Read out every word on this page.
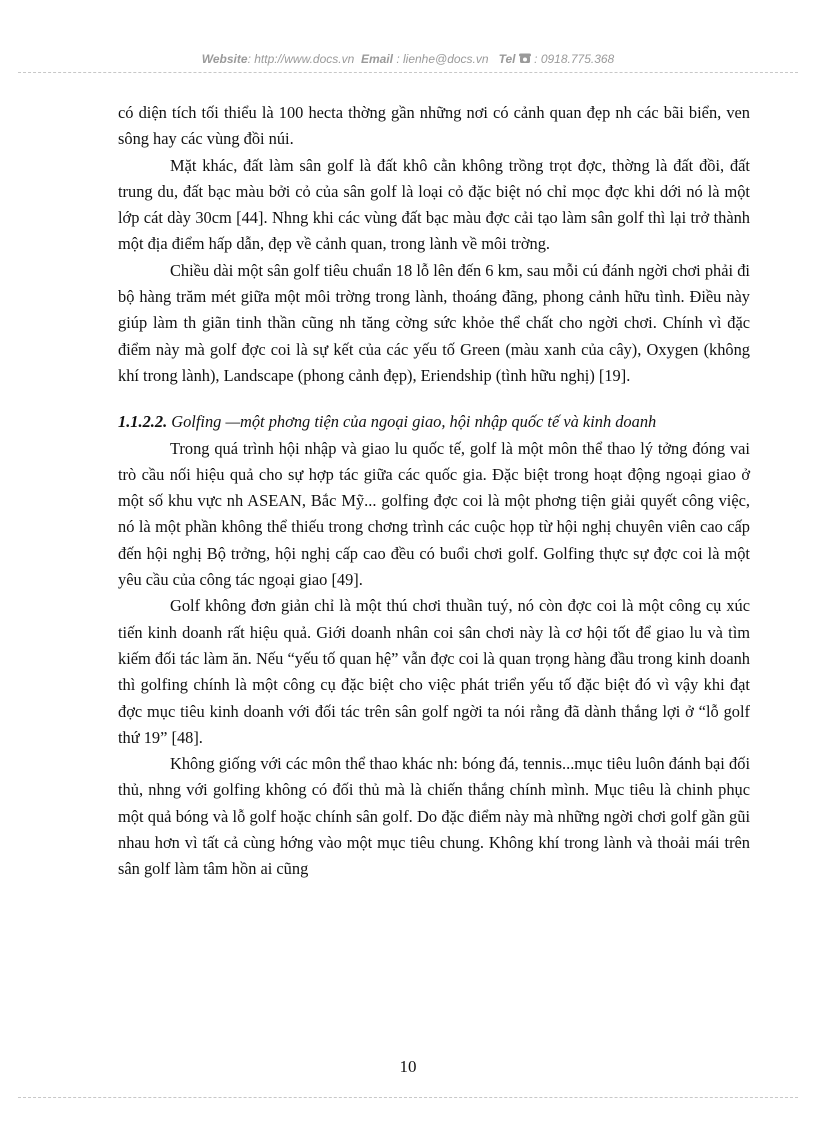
Website: http://www.docs.vn Email : lienhe@docs.vn Tel : 0918.775.368

có diện tích tối thiểu là 100 hecta thờng gần những nơi có cảnh quan đẹp nh các bãi biển, ven sông hay các vùng đồi núi.

Mặt khác, đất làm sân golf là đất khô cằn không trồng trọt đợc, thờng là đất đồi, đất trung du, đất bạc màu bởi cỏ của sân golf là loại cỏ đặc biệt nó chỉ mọc đợc khi dới nó là một lớp cát dày 30cm [44]. Nhng khi các vùng đất bạc màu đợc cải tạo làm sân golf thì lại trở thành một địa điểm hấp dẫn, đẹp về cảnh quan, trong lành về môi trờng.

Chiều dài một sân golf tiêu chuẩn 18 lỗ lên đến 6 km, sau mỗi cú đánh ngời chơi phải đi bộ hàng trăm mét giữa một môi trờng trong lành, thoáng đãng, phong cảnh hữu tình. Điều này giúp làm th giãn tinh thần cũng nh tăng cờng sức khỏe thể chất cho ngời chơi. Chính vì đặc điểm này mà golf đợc coi là sự kết của các yếu tố Green (màu xanh của cây), Oxygen (không khí trong lành), Landscape (phong cảnh đẹp), Eriendship (tình hữu nghị) [19].

1.1.2.2. Golfing —một phơng tiện của ngoại giao, hội nhập quốc tế và kinh doanh

Trong quá trình hội nhập và giao lu quốc tế, golf là một môn thể thao lý tởng đóng vai trò cầu nối hiệu quả cho sự hợp tác giữa các quốc gia. Đặc biệt trong hoạt động ngoại giao ở một số khu vực nh ASEAN, Bắc Mỹ... golfing đợc coi là một phơng tiện giải quyết công việc, nó là một phần không thể thiếu trong chơng trình các cuộc họp từ hội nghị chuyên viên cao cấp đến hội nghị Bộ trởng, hội nghị cấp cao đều có buổi chơi golf. Golfing thực sự đợc coi là một yêu cầu của công tác ngoại giao [49].

Golf không đơn giản chỉ là một thú chơi thuần tuý, nó còn đợc coi là một công cụ xúc tiến kinh doanh rất hiệu quả. Giới doanh nhân coi sân chơi này là cơ hội tốt để giao lu và tìm kiếm đối tác làm ăn. Nếu “yếu tố quan hệ” vẫn đợc coi là quan trọng hàng đầu trong kinh doanh thì golfing chính là một công cụ đặc biệt cho việc phát triển yếu tố đặc biệt đó vì vậy khi đạt đợc mục tiêu kinh doanh với đối tác trên sân golf ngời ta nói rằng đã dành thắng lợi ở “lỗ golf thứ 19” [48].

Không giống với các môn thể thao khác nh: bóng đá, tennis...mục tiêu luôn đánh bại đối thủ, nhng với golfing không có đối thủ mà là chiến thắng chính mình. Mục tiêu là chinh phục một quả bóng và lỗ golf hoặc chính sân golf. Do đặc điểm này mà những ngời chơi golf gần gũi nhau hơn vì tất cả cùng hớng vào một mục tiêu chung. Không khí trong lành và thoải mái trên sân golf làm tâm hồn ai cũng

10
